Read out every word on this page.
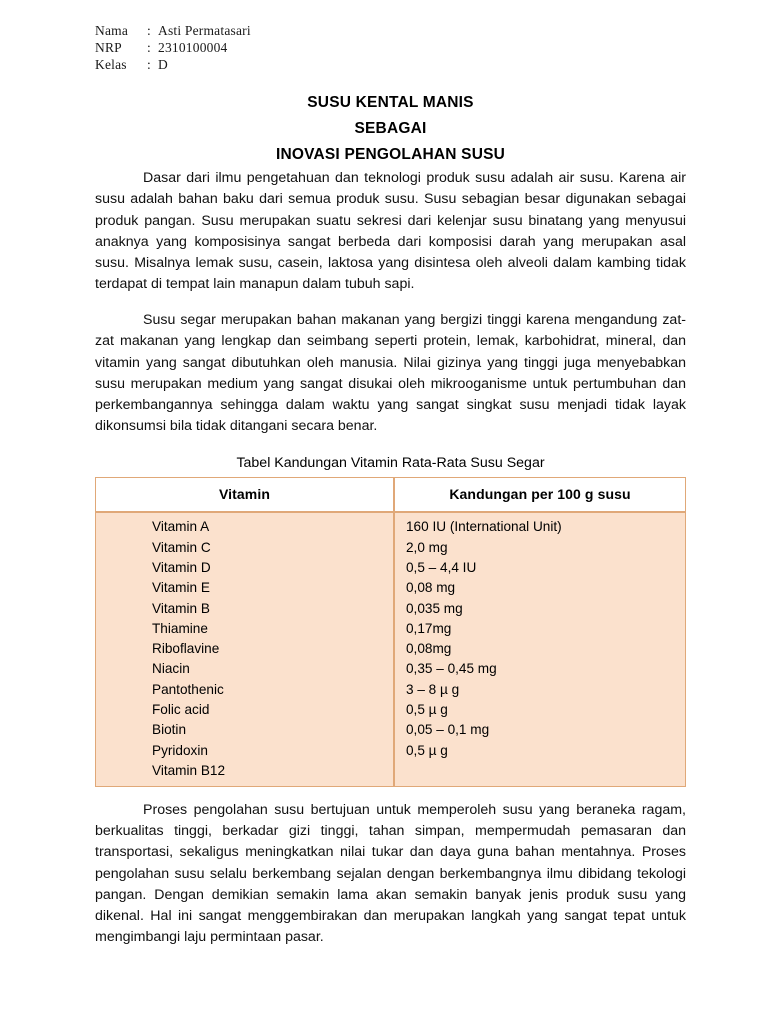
Nama	: Asti Permatasari
NRP	: 2310100004
Kelas	: D
SUSU KENTAL MANIS
SEBAGAI
INOVASI PENGOLAHAN SUSU

Dasar dari ilmu pengetahuan dan teknologi produk susu adalah air susu. Karena air susu adalah bahan baku dari semua produk susu. Susu sebagian besar digunakan sebagai produk pangan. Susu merupakan suatu sekresi dari kelenjar susu binatang yang menyusui anaknya yang komposisinya sangat berbeda dari komposisi darah yang merupakan asal susu. Misalnya lemak susu, casein, laktosa yang disintesa oleh alveoli dalam kambing tidak terdapat di tempat lain manapun dalam tubuh sapi.

Susu segar merupakan bahan makanan yang bergizi tinggi karena mengandung zat-zat makanan yang lengkap dan seimbang seperti protein, lemak, karbohidrat, mineral, dan vitamin yang sangat dibutuhkan oleh manusia. Nilai gizinya yang tinggi juga menyebabkan susu merupakan medium yang sangat disukai oleh mikrooganisme untuk pertumbuhan dan perkembangannya sehingga dalam waktu yang sangat singkat susu menjadi tidak layak dikonsumsi bila tidak ditangani secara benar.

Tabel Kandungan Vitamin Rata-Rata Susu Segar
Vitamin	Kandungan per 100 g susu
Vitamin A	160 IU (International Unit)
Vitamin C	2,0 mg
Vitamin D	0,5 – 4,4 IU
Vitamin E	0,08 mg
Vitamin B	0,035 mg
Thiamine	0,17mg
Riboflavine	0,08mg
Niacin	0,35 – 0,45 mg
Pantothenic	3 – 8 µ g
Folic acid	0,5 µ g
Biotin	0,05 – 0,1 mg
Pyridoxin	0,5 µ g
Vitamin B12	

Proses pengolahan susu bertujuan untuk memperoleh susu yang beraneka ragam, berkualitas tinggi, berkadar gizi tinggi, tahan simpan, mempermudah pemasaran dan transportasi, sekaligus meningkatkan nilai tukar dan daya guna bahan mentahnya. Proses pengolahan susu selalu berkembang sejalan dengan berkembangnya ilmu dibidang tekologi pangan. Dengan demikian semakin lama akan semakin banyak jenis produk susu yang dikenal. Hal ini sangat menggembirakan dan merupakan langkah yang sangat tepat untuk mengimbangi laju permintaan pasar.
